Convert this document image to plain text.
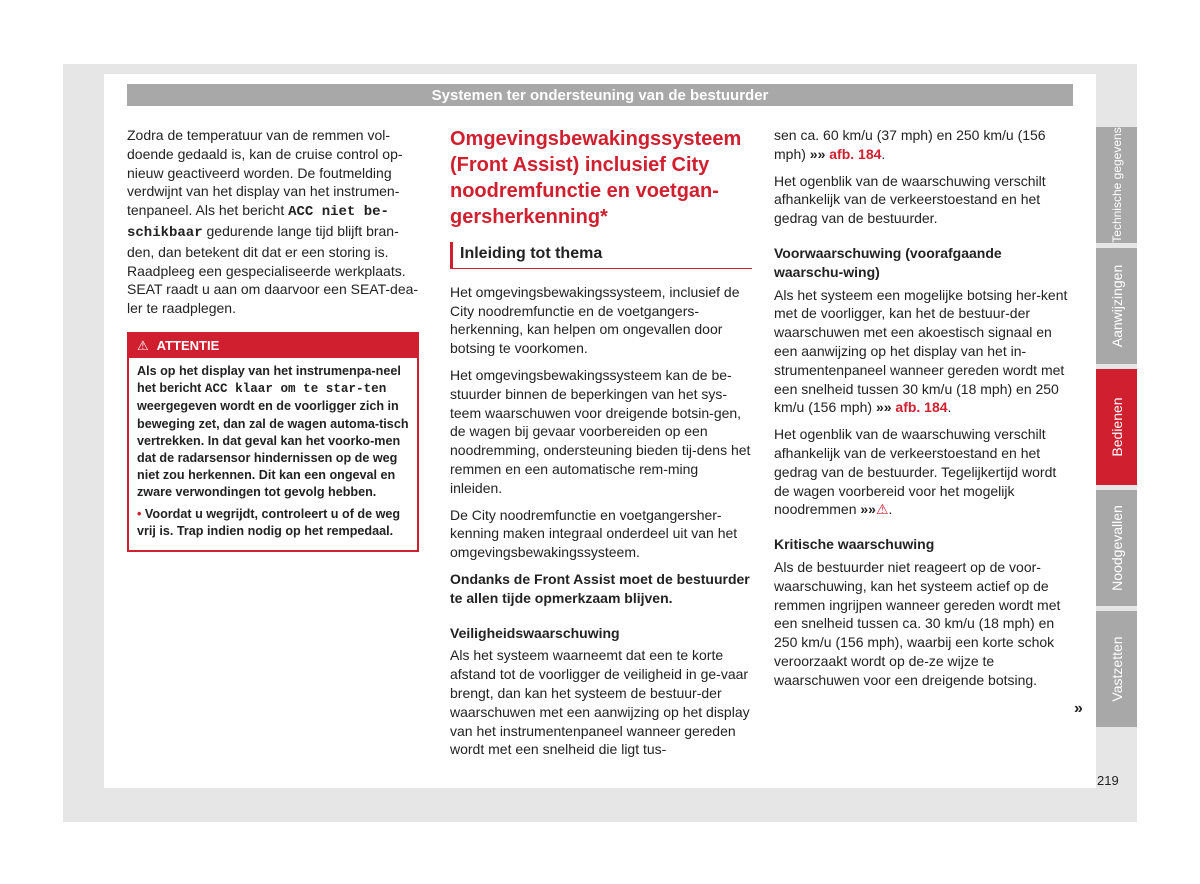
Systemen ter ondersteuning van de bestuurder

Zodra de temperatuur van de remmen vol-doende gedaald is, kan de cruise control op-nieuw geactiveerd worden. De foutmelding verdwijnt van het display van het instrumen-tenpaneel. Als het bericht ACC niet be-schikbaar gedurende lange tijd blijft bran-den, dan betekent dit dat er een storing is. Raadpleeg een gespecialiseerde werkplaats. SEAT raadt u aan om daarvoor een SEAT-dea-ler te raadplegen.

⚠ ATTENTIE

Als op het display van het instrumenpa-neel het bericht ACC klaar om te star-ten weergegeven wordt en de voorligger zich in beweging zet, dan zal de wagen automa-tisch vertrekken. In dat geval kan het voorko-men dat de radarsensor hindernissen op de weg niet zou herkennen. Dit kan een ongeval en zware verwondingen tot gevolg hebben.

• Voordat u wegrijdt, controleert u of de weg vrij is. Trap indien nodig op het rempedaal.

Omgevingsbewakingssysteem (Front Assist) inclusief City noodremfunctie en voetgan-gersherkenning*
Inleiding tot thema

Het omgevingsbewakingssysteem, inclusief de City noodremfunctie en de voetgangers-herkenning, kan helpen om ongevallen door botsing te voorkomen.

Het omgevingsbewakingssysteem kan de be-stuurder binnen de beperkingen van het sys-teem waarschuwen voor dreigende botsin-gen, de wagen bij gevaar voorbereiden op een noodremming, ondersteuning bieden tij-dens het remmen en een automatische rem-ming inleiden.

De City noodremfunctie en voetgangersher-kenning maken integraal onderdeel uit van het omgevingsbewakingssysteem.

Ondanks de Front Assist moet de bestuurder te allen tijde opmerkzaam blijven.

Veiligheidswaarschuwing

Als het systeem waarneemt dat een te korte afstand tot de voorligger de veiligheid in ge-vaar brengt, dan kan het systeem de bestuur-der waarschuwen met een aanwijzing op het display van het instrumentenpaneel wanneer gereden wordt met een snelheid die ligt tus-

sen ca. 60 km/u (37 mph) en 250 km/u (156 mph) »» afb. 184.

Het ogenblik van de waarschuwing verschilt afhankelijk van de verkeerstoestand en het gedrag van de bestuurder.

Voorwaarschuwing (voorafgaande waarschu-wing)

Als het systeem een mogelijke botsing her-kent met de voorligger, kan het de bestuur-der waarschuwen met een akoestisch signaal en een aanwijzing op het display van het in-strumentenpaneel wanneer gereden wordt met een snelheid tussen 30 km/u (18 mph) en 250 km/u (156 mph) »» afb. 184.

Het ogenblik van de waarschuwing verschilt afhankelijk van de verkeerstoestand en het gedrag van de bestuurder. Tegelijkertijd wordt de wagen voorbereid voor het mogelijk noodremmen »»⚠.

Kritische waarschuwing

Als de bestuurder niet reageert op de voor-waarschuwing, kan het systeem actief op de remmen ingrijpen wanneer gereden wordt met een snelheid tussen ca. 30 km/u (18 mph) en 250 km/u (156 mph), waarbij een korte schok veroorzaakt wordt op de-ze wijze te waarschuwen voor een dreigende botsing.

»
Technische gegevens
Aanwijzingen
Bedienen
Noodgevallen
Vastzetten
219
